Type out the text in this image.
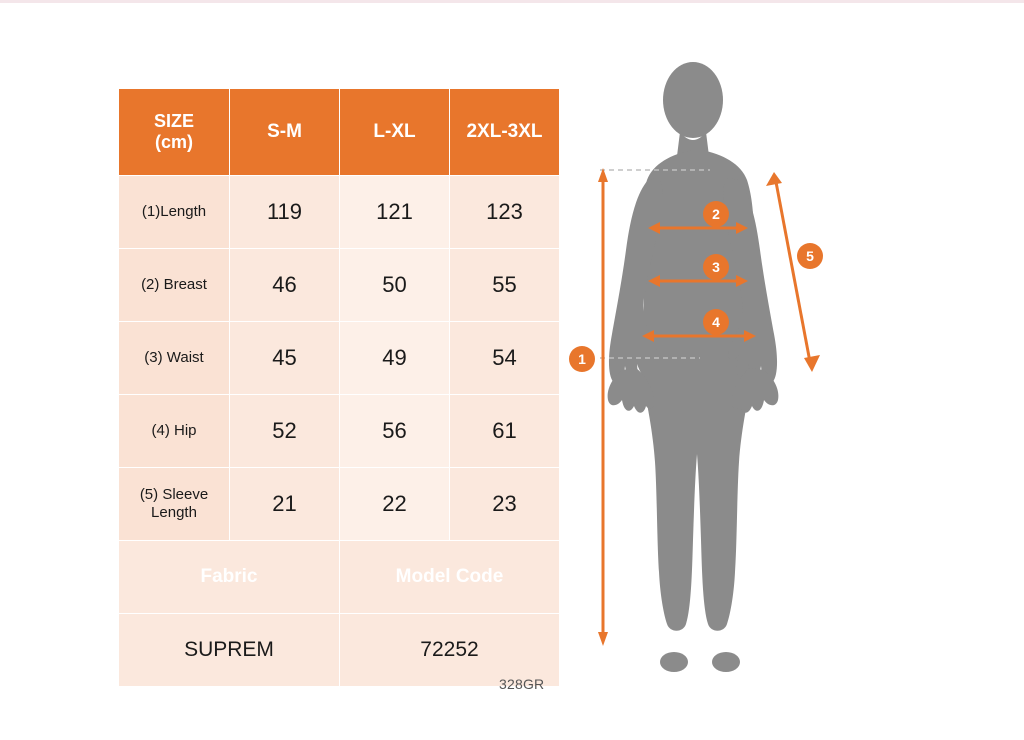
SIZE
(cm)	S-M	L-XL	2XL-3XL
(1)Length	119	121	123
(2) Breast	46	50	55
(3) Waist	45	49	54
(4) Hip	52	56	61
(5) Sleeve Length	21	22	23
Fabric		Model Code	
SUPREM		72252	
328GR
1
2
3
4
5
